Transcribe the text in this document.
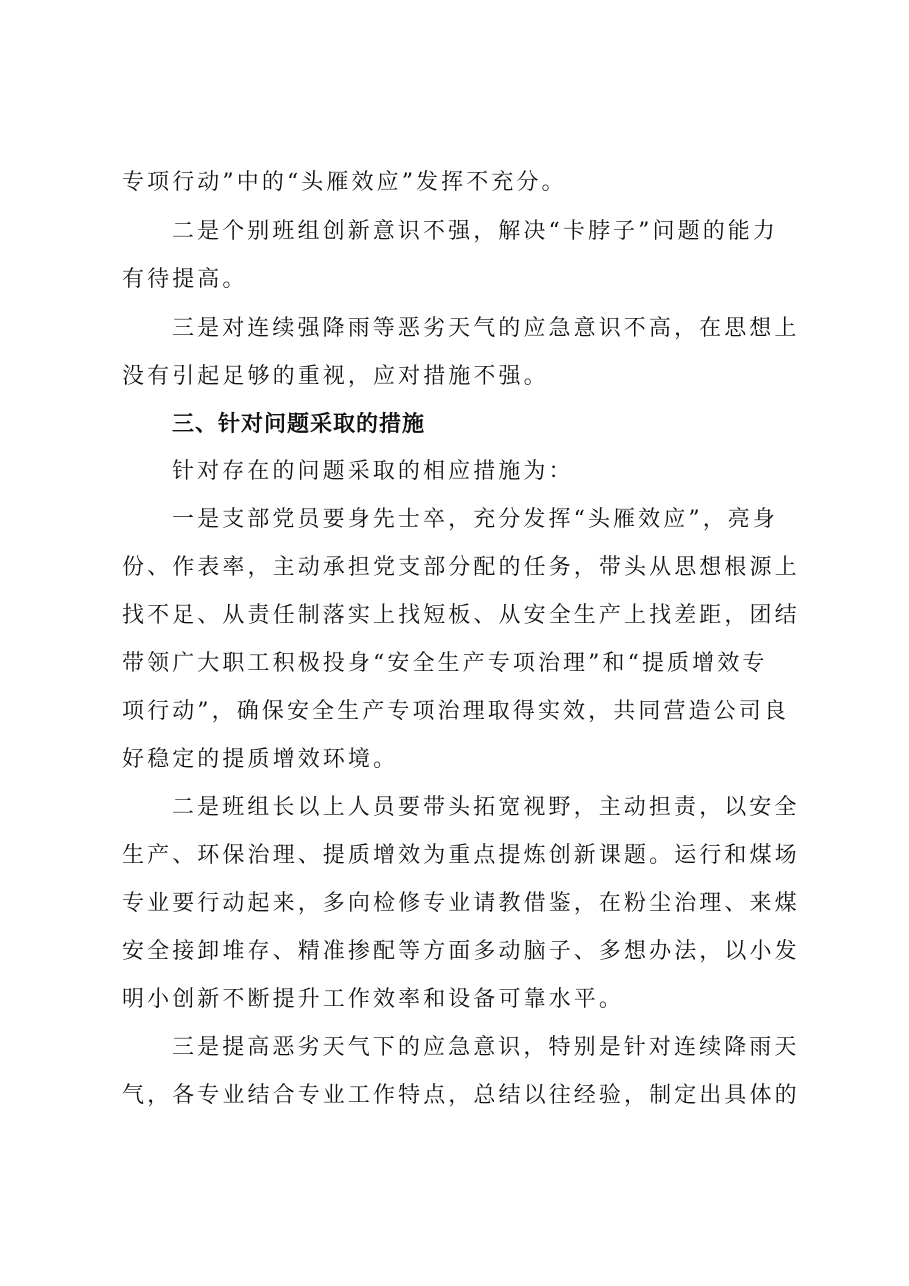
专项行动”中的“头雁效应”发挥不充分。
二是个别班组创新意识不强，解决“卡脖子”问题的能力
有待提高。
三是对连续强降雨等恶劣天气的应急意识不高，在思想上
没有引起足够的重视，应对措施不强。
三、针对问题采取的措施
针对存在的问题采取的相应措施为：
一是支部党员要身先士卒，充分发挥“头雁效应”，亮身
份、作表率，主动承担党支部分配的任务，带头从思想根源上
找不足、从责任制落实上找短板、从安全生产上找差距，团结
带领广大职工积极投身“安全生产专项治理”和“提质增效专
项行动”，确保安全生产专项治理取得实效，共同营造公司良
好稳定的提质增效环境。
二是班组长以上人员要带头拓宽视野，主动担责，以安全
生产、环保治理、提质增效为重点提炼创新课题。运行和煤场
专业要行动起来，多向检修专业请教借鉴，在粉尘治理、来煤
安全接卸堆存、精准掺配等方面多动脑子、多想办法，以小发
明小创新不断提升工作效率和设备可靠水平。
三是提高恶劣天气下的应急意识，特别是针对连续降雨天
气，各专业结合专业工作特点，总结以往经验，制定出具体的
